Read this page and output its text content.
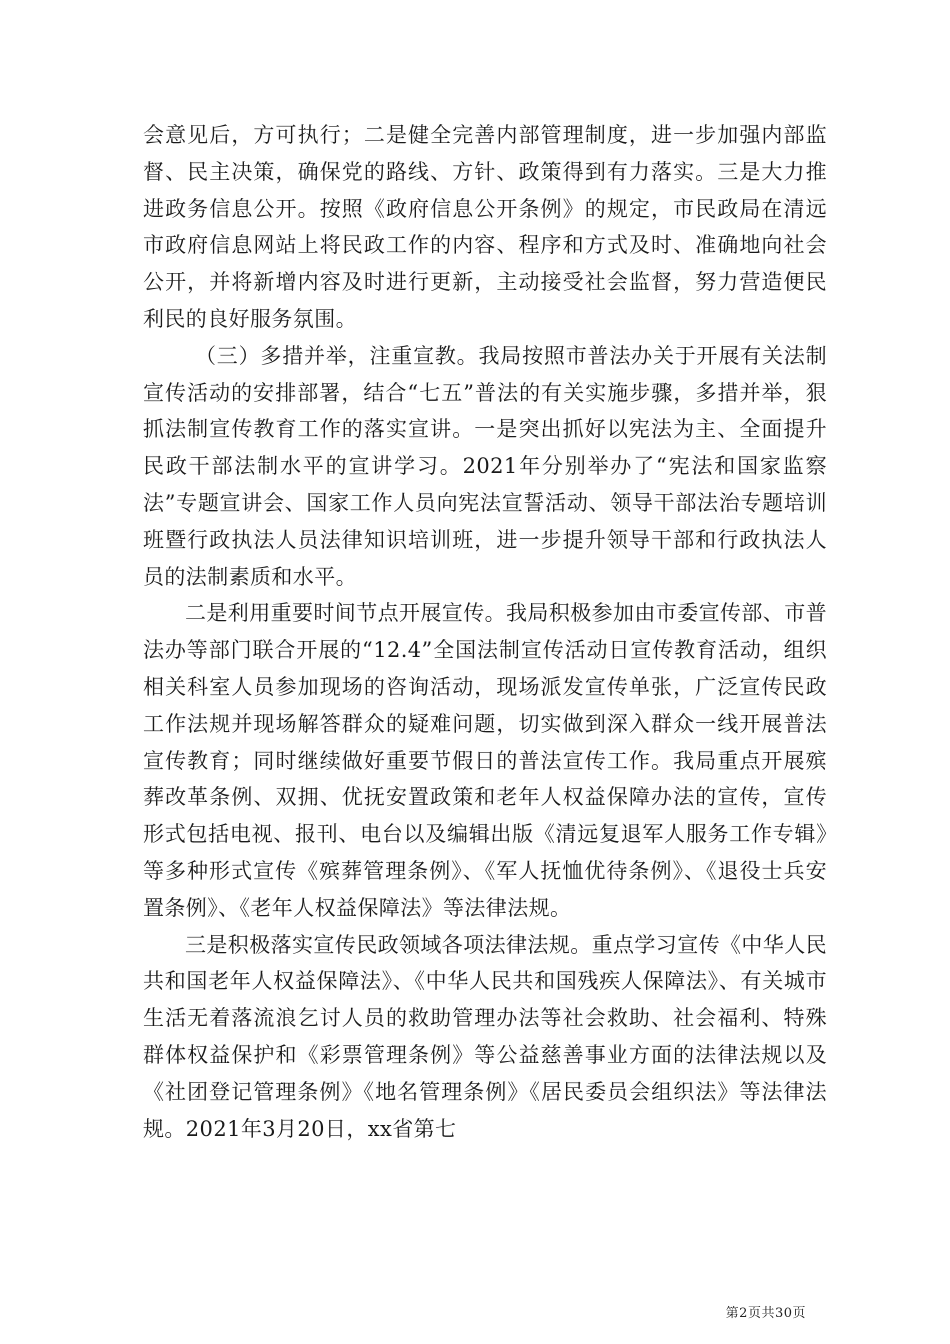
会意见后，方可执行；二是健全完善内部管理制度，进一步加强内部监督、民主决策，确保党的路线、方针、政策得到有力落实。三是大力推进政务信息公开。按照《政府信息公开条例》的规定，市民政局在清远市政府信息网站上将民政工作的内容、程序和方式及时、准确地向社会公开，并将新增内容及时进行更新，主动接受社会监督，努力营造便民利民的良好服务氛围。

（三）多措并举，注重宣教。我局按照市普法办关于开展有关法制宣传活动的安排部署，结合“七五”普法的有关实施步骤，多措并举，狠抓法制宣传教育工作的落实宣讲。一是突出抓好以宪法为主、全面提升民政干部法制水平的宣讲学习。2021年分别举办了“宪法和国家监察法”专题宣讲会、国家工作人员向宪法宣誓活动、领导干部法治专题培训班暨行政执法人员法律知识培训班，进一步提升领导干部和行政执法人员的法制素质和水平。

二是利用重要时间节点开展宣传。我局积极参加由市委宣传部、市普法办等部门联合开展的“12.4”全国法制宣传活动日宣传教育活动，组织相关科室人员参加现场的咨询活动，现场派发宣传单张，广泛宣传民政工作法规并现场解答群众的疑难问题，切实做到深入群众一线开展普法宣传教育；同时继续做好重要节假日的普法宣传工作。我局重点开展殡葬改革条例、双拥、优抚安置政策和老年人权益保障办法的宣传，宣传形式包括电视、报刊、电台以及编辑出版《清远复退军人服务工作专辑》等多种形式宣传《殡葬管理条例》、《军人抚恤优待条例》、《退役士兵安置条例》、《老年人权益保障法》等法律法规。

三是积极落实宣传民政领域各项法律法规。重点学习宣传《中华人民共和国老年人权益保障法》、《中华人民共和国残疾人保障法》、有关城市生活无着落流浪乞讨人员的救助管理办法等社会救助、社会福利、特殊群体权益保护和《彩票管理条例》等公益慈善事业方面的法律法规以及《社团登记管理条例》《地名管理条例》《居民委员会组织法》等法律法规。2021年3月20日，xx省第七

第2页共30页
